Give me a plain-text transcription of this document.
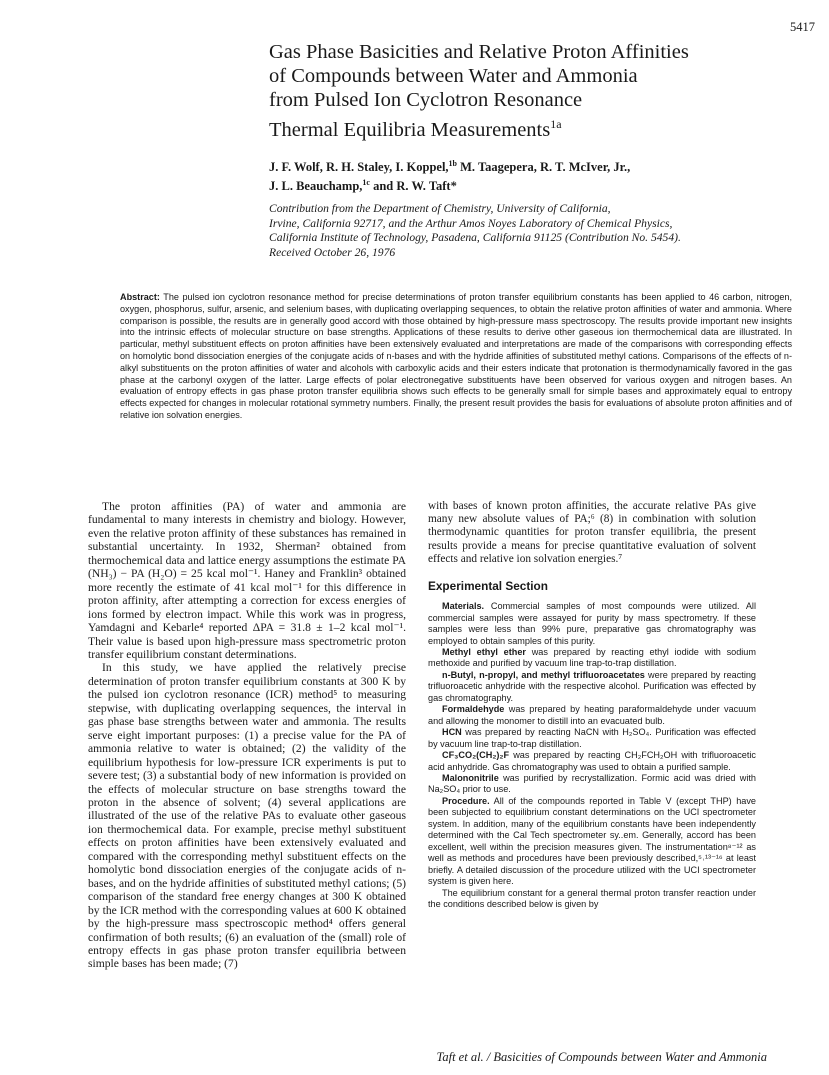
5417
Gas Phase Basicities and Relative Proton Affinities
of Compounds between Water and Ammonia
from Pulsed Ion Cyclotron Resonance
Thermal Equilibria Measurements$^{1a}$
J. F. Wolf, R. H. Staley, I. Koppel,$^{1b}$ M. Taagepera, R. T. McIver, Jr.,
J. L. Beauchamp,$^{1c}$ and R. W. Taft*
Contribution from the Department of Chemistry, University of California,
Irvine, California 92717, and the Arthur Amos Noyes Laboratory of Chemical Physics,
California Institute of Technology, Pasadena, California 91125 (Contribution No. 5454).
Received October 26, 1976
Abstract: The pulsed ion cyclotron resonance method for precise determinations of proton transfer equilibrium constants has been applied to 46 carbon, nitrogen, oxygen, phosphorus, sulfur, arsenic, and selenium bases, with duplicating overlapping sequences, to obtain the relative proton affinities of water and ammonia. Where comparison is possible, the results are in generally good accord with those obtained by high-pressure mass spectroscopy. The results provide important new insights into the intrinsic effects of molecular structure on base strengths. Applications of these results to derive other gaseous ion thermochemical data are illustrated. In particular, methyl substituent effects on proton affinities have been extensively evaluated and interpretations are made of the comparisons with corresponding effects on homolytic bond dissociation energies of the conjugate acids of n-bases and with the hydride affinities of substituted methyl cations. Comparisons of the effects of n-alkyl substituents on the proton affinities of water and alcohols with carboxylic acids and their esters indicate that protonation is thermodynamically favored in the gas phase at the carbonyl oxygen of the latter. Large effects of polar electronegative substituents have been observed for various oxygen and nitrogen bases. An evaluation of entropy effects in gas phase proton transfer equilibria shows such effects to be generally small for simple bases and approximately equal to entropy effects expected for changes in molecular rotational symmetry numbers. Finally, the present result provides the basis for evaluations of absolute proton affinities and of relative ion solvation energies.

The proton affinities (PA) of water and ammonia are fundamental to many interests in chemistry and biology. However, even the relative proton affinity of these substances has remained in substantial uncertainty. In 1932, Sherman² obtained from thermochemical data and lattice energy assumptions the estimate PA (NH₃) − PA (H₂O) = 25 kcal mol⁻¹. Haney and Franklin³ obtained more recently the estimate of 41 kcal mol⁻¹ for this difference in proton affinity, after attempting a correction for excess energies of ions formed by electron impact. While this work was in progress, Yamdagni and Kebarle⁴ reported ΔPA = 31.8 ± 1–2 kcal mol⁻¹. Their value is based upon high-pressure mass spectrometric proton transfer equilibrium constant determinations.

In this study, we have applied the relatively precise determination of proton transfer equilibrium constants at 300 K by the pulsed ion cyclotron resonance (ICR) method⁵ to measuring stepwise, with duplicating overlapping sequences, the interval in gas phase base strengths between water and ammonia. The results serve eight important purposes: (1) a precise value for the PA of ammonia relative to water is obtained; (2) the validity of the equilibrium hypothesis for low-pressure ICR experiments is put to severe test; (3) a substantial body of new information is provided on the effects of molecular structure on base strengths toward the proton in the absence of solvent; (4) several applications are illustrated of the use of the relative PAs to evaluate other gaseous ion thermochemical data. For example, precise methyl substituent effects on proton affinities have been extensively evaluated and compared with the corresponding methyl substituent effects on the homolytic bond dissociation energies of the conjugate acids of n-bases, and on the hydride affinities of substituted methyl cations; (5) comparison of the standard free energy changes at 300 K obtained by the ICR method with the corresponding values at 600 K obtained by the high-pressure mass spectroscopic method⁴ offers general confirmation of both results; (6) an evaluation of the (small) role of entropy effects in gas phase proton transfer equilibria between simple bases has been made; (7)

with bases of known proton affinities, the accurate relative PAs give many new absolute values of PA;⁶ (8) in combination with solution thermodynamic quantities for proton transfer equilibria, the present results provide a means for precise quantitative evaluation of solvent effects and relative ion solvation energies.⁷

Experimental Section

Materials. Commercial samples of most compounds were utilized. All commercial samples were assayed for purity by mass spectrometry. If these samples were less than 99% pure, preparative gas chromatography was employed to obtain samples of this purity.

Methyl ethyl ether was prepared by reacting ethyl iodide with sodium methoxide and purified by vacuum line trap-to-trap distillation.

n-Butyl, n-propyl, and methyl trifluoroacetates were prepared by reacting trifluoroacetic anhydride with the respective alcohol. Purification was effected by gas chromatography.

Formaldehyde was prepared by heating paraformaldehyde under vacuum and allowing the monomer to distill into an evacuated bulb.

HCN was prepared by reacting NaCN with H₂SO₄. Purification was effected by vacuum line trap-to-trap distillation.

CF₃CO₂(CH₂)₂F was prepared by reacting CH₂FCH₂OH with trifluoroacetic acid anhydride. Gas chromatography was used to obtain a purified sample.

Malononitrile was purified by recrystallization. Formic acid was dried with Na₂SO₄ prior to use.

Procedure. All of the compounds reported in Table V (except THP) have been subjected to equilibrium constant determinations on the UCI spectrometer system. In addition, many of the equilibrium constants have been independently determined with the Cal Tech spectrometer sy..em. Generally, accord has been excellent, well within the precision measures given. The instrumentation⁸⁻¹² as well as methods and procedures have been previously described,⁵˒¹³⁻¹⁶ at least briefly. A detailed discussion of the procedure utilized with the UCI spectrometer system is given here.

The equilibrium constant for a general thermal proton transfer reaction under the conditions described below is given by

Taft et al. / Basicities of Compounds between Water and Ammonia
